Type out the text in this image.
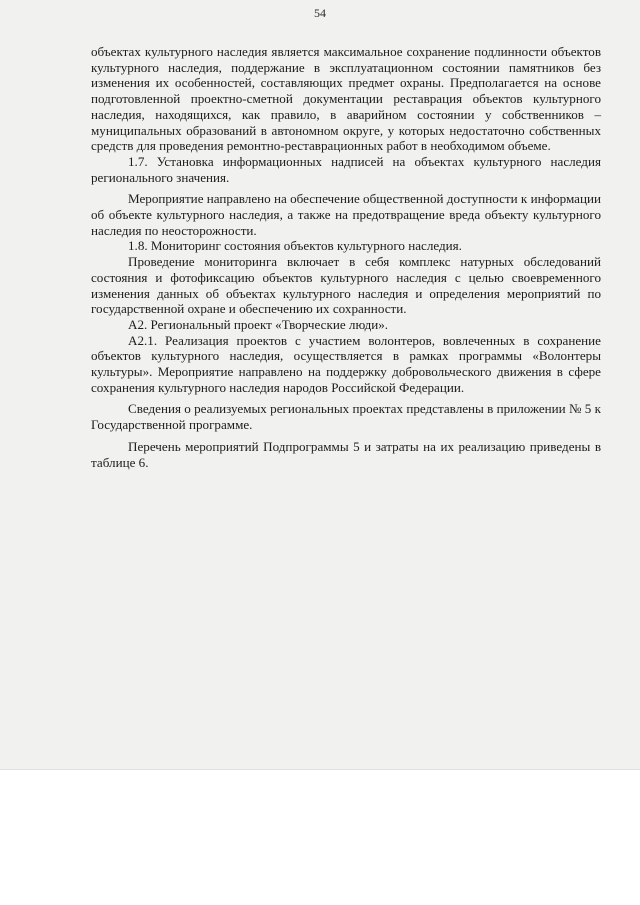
54

объектах культурного наследия является максимальное сохранение подлинности объектов культурного наследия, поддержание в эксплуатационном состоянии памятников без изменения их особенностей, составляющих предмет охраны. Предполагается на основе подготовленной проектно-сметной документации реставрация объектов культурного наследия, находящихся, как правило, в аварийном состоянии у собственников – муниципальных образований в автономном округе, у которых недостаточно собственных средств для проведения ремонтно-реставрационных работ в необходимом объеме.

1.7. Установка информационных надписей на объектах культурного наследия регионального значения.

Мероприятие направлено на обеспечение общественной доступности к информации об объекте культурного наследия, а также на предотвращение вреда объекту культурного наследия по неосторожности.

1.8. Мониторинг состояния объектов культурного наследия.

Проведение мониторинга включает в себя комплекс натурных обследований состояния и фотофиксацию объектов культурного наследия с целью своевременного изменения данных об объектах культурного наследия и определения мероприятий по государственной охране и обеспечению их сохранности.

А2. Региональный проект «Творческие люди».

А2.1. Реализация проектов с участием волонтеров, вовлеченных в сохранение объектов культурного наследия, осуществляется в рамках программы «Волонтеры культуры». Мероприятие направлено на поддержку добровольческого движения в сфере сохранения культурного наследия народов Российской Федерации.

Сведения о реализуемых региональных проектах представлены в приложении № 5 к Государственной программе.

Перечень мероприятий Подпрограммы 5 и затраты на их реализацию приведены в таблице 6.
